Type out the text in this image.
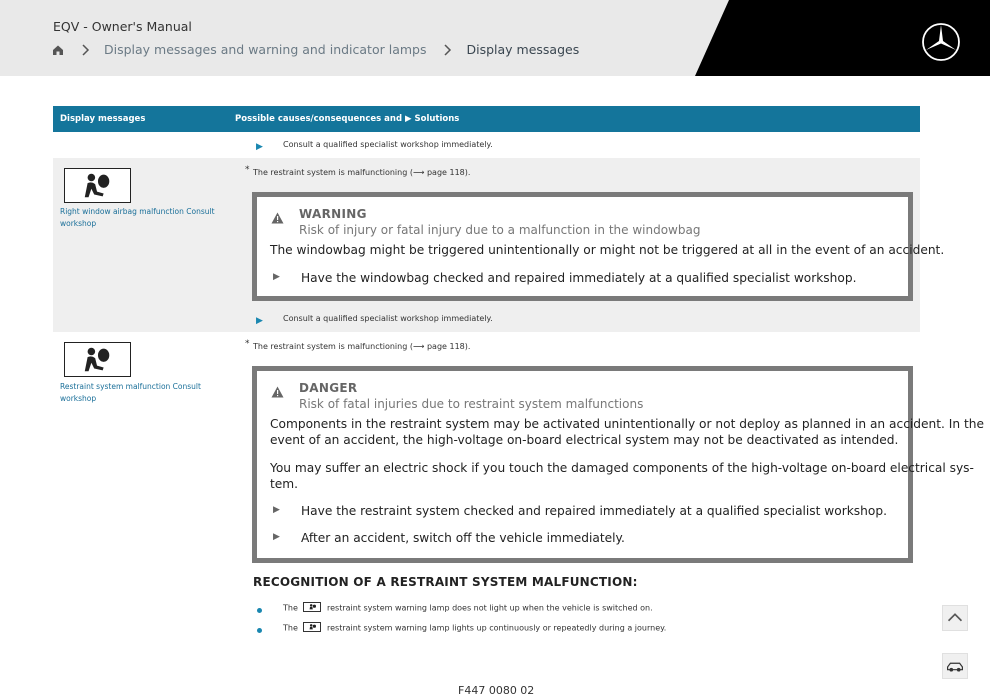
EQV - Owner's Manual
Display messages and warning and indicator lamps	Display messages
Display messages	Possible causes/consequences and ▶ Solutions
▶	Consult a qualified specialist workshop immediately.
Right window airbag malfunction Consult workshop
* The restraint system is malfunctioning (⟶ page 118).
WARNING
Risk of injury or fatal injury due to a malfunction in the windowbag
The windowbag might be triggered unintentionally or might not be triggered at all in the event of an accident.
▶ Have the windowbag checked and repaired immediately at a qualified specialist workshop.
▶	Consult a qualified specialist workshop immediately.
Restraint system malfunction Consult workshop
* The restraint system is malfunctioning (⟶ page 118).
DANGER
Risk of fatal injuries due to restraint system malfunctions
Components in the restraint system may be activated unintentionally or not deploy as planned in an accident. In the
event of an accident, the high-voltage on-board electrical system may not be deactivated as intended.
You may suffer an electric shock if you touch the damaged components of the high-voltage on-board electrical sys-
tem.
▶ Have the restraint system checked and repaired immediately at a qualified specialist workshop.
▶ After an accident, switch off the vehicle immediately.
RECOGNITION OF A RESTRAINT SYSTEM MALFUNCTION:
The	restraint system warning lamp does not light up when the vehicle is switched on.
The	restraint system warning lamp lights up continuously or repeatedly during a journey.
F447 0080 02
